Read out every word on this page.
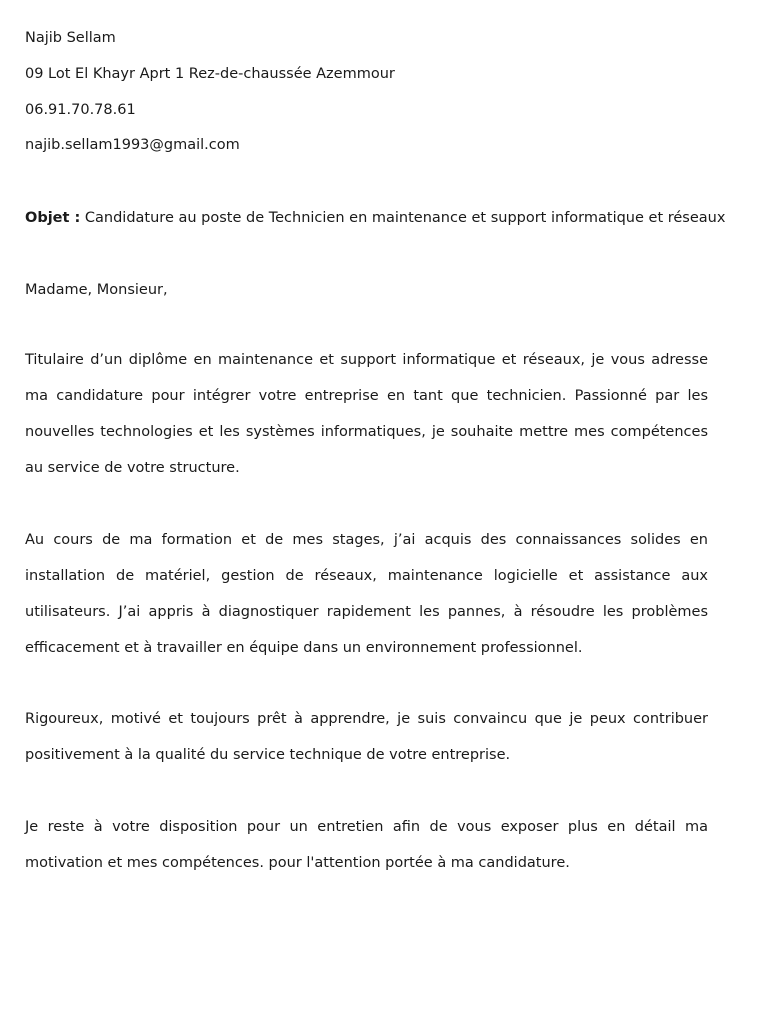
Najib Sellam
09 Lot El Khayr Aprt 1 Rez-de-chaussée Azemmour
06.91.70.78.61
najib.sellam1993@gmail.com
Objet : Candidature au poste de Technicien en maintenance et support informatique et réseaux
Madame, Monsieur,
Titulaire d’un diplôme en maintenance et support informatique et réseaux, je vous adresse ma candidature pour intégrer votre entreprise en tant que technicien. Passionné par les nouvelles technologies et les systèmes informatiques, je souhaite mettre mes compétences au service de votre structure.
Au cours de ma formation et de mes stages, j’ai acquis des connaissances solides en installation de matériel, gestion de réseaux, maintenance logicielle et assistance aux utilisateurs. J’ai appris à diagnostiquer rapidement les pannes, à résoudre les problèmes efficacement et à travailler en équipe dans un environnement professionnel.
Rigoureux, motivé et toujours prêt à apprendre, je suis convaincu que je peux contribuer positivement à la qualité du service technique de votre entreprise.
Je reste à votre disposition pour un entretien afin de vous exposer plus en détail ma motivation et mes compétences. pour l'attention portée à ma candidature.
